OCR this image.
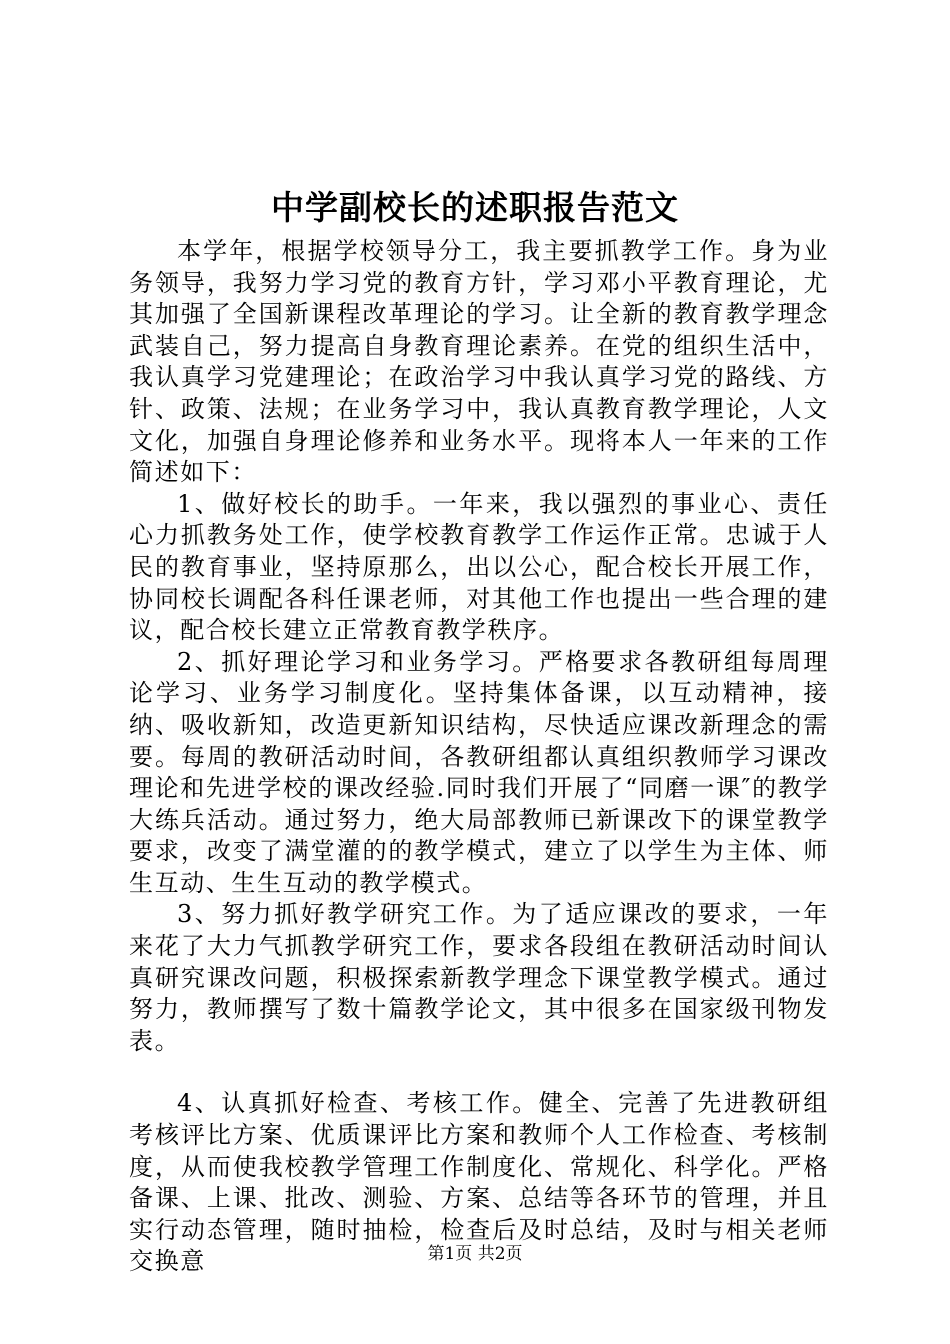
中学副校长的述职报告范文

本学年，根据学校领导分工，我主要抓教学工作。身为业务领导，我努力学习党的教育方针，学习邓小平教育理论，尤其加强了全国新课程改革理论的学习。让全新的教育教学理念武装自己，努力提高自身教育理论素养。在党的组织生活中，我认真学习党建理论；在政治学习中我认真学习党的路线、方针、政策、法规；在业务学习中，我认真教育教学理论，人文文化，加强自身理论修养和业务水平。现将本人一年来的工作简述如下：

1、做好校长的助手。一年来，我以强烈的事业心、责任心力抓教务处工作，使学校教育教学工作运作正常。忠诚于人民的教育事业，坚持原那么，出以公心，配合校长开展工作，协同校长调配各科任课老师，对其他工作也提出一些合理的建议，配合校长建立正常教育教学秩序。

2、抓好理论学习和业务学习。严格要求各教研组每周理论学习、业务学习制度化。坚持集体备课，以互动精神，接纳、吸收新知，改造更新知识结构，尽快适应课改新理念的需要。每周的教研活动时间，各教研组都认真组织教师学习课改理论和先进学校的课改经验.同时我们开展了“同磨一课″的教学大练兵活动。通过努力，绝大局部教师已新课改下的课堂教学要求，改变了满堂灌的的教学模式，建立了以学生为主体、师生互动、生生互动的教学模式。

3、努力抓好教学研究工作。为了适应课改的要求，一年来花了大力气抓教学研究工作，要求各段组在教研活动时间认真研究课改问题，积极探索新教学理念下课堂教学模式。通过努力，教师撰写了数十篇教学论文，其中很多在国家级刊物发表。

4、认真抓好检查、考核工作。健全、完善了先进教研组考核评比方案、优质课评比方案和教师个人工作检查、考核制度，从而使我校教学管理工作制度化、常规化、科学化。严格备课、上课、批改、测验、方案、总结等各环节的管理，并且实行动态管理，随时抽检，检查后及时总结，及时与相关老师交换意	第1页 共2页
